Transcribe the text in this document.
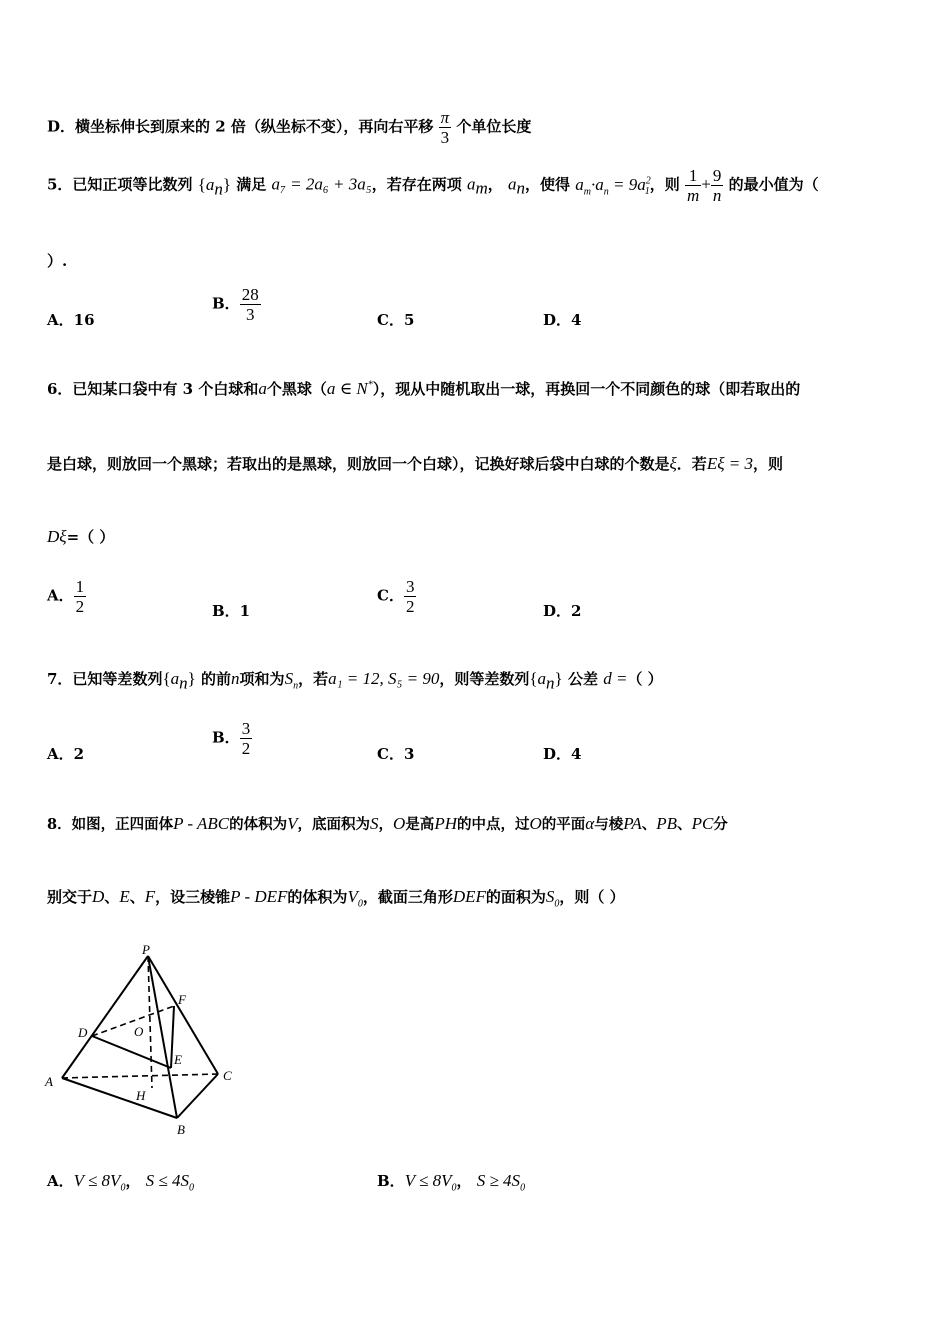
D．横坐标伸长到原来的 2 倍（纵坐标不变），再向右平移 $\frac{\pi}{3}$ 个单位长度
5．已知正项等比数列 $\{a_n\}$ 满足 a₇ = 2a₆ + 3a₅，若存在两项 $a_m$， $a_n$，使得 $a_m\cdot a_n = 9a^2_1$，则 $\frac{1}{m} + \frac{9}{n}$ 的最小值为（
）.
A．16
B． $\frac{28}{3}$	C．5	D．4
6．已知某口袋中有 3 个白球和a个黑球（a ∈ N*），现从中随机取出一球，再换回一个不同颜色的球（即若取出的
是白球，则放回一个黑球；若取出的是黑球，则放回一个白球），记换好球后袋中白球的个数是ξ．若Eξ = 3，则
Dξ=（ ）
A． $\frac{1}{2}$	B．1
C． $\frac{3}{2}$	D．2
7．已知等差数列$\{a_n\}$ 的前n项和为$S_n$，若a₁ = 12, S₅ = 90，则等差数列$\{a_n\}$ 公差 d =（ ）
A．2
B． $\frac{3}{2}$	C．3	D．4
8．如图，正四面体P - ABC的体积为V，底面积为S，O是高PH的中点，过O的平面α与棱PA、PB、PC分
别交于D、E、F，设三棱锥P - DEF的体积为$V_0$，截面三角形DEF的面积为$S_0$，则（ ）
P
F
D	O
E
A	C
H
B
A．$V \le 8V_0$， $S \le 4S_0$	B．$V \le 8V_0$， $S \ge 4S_0$
